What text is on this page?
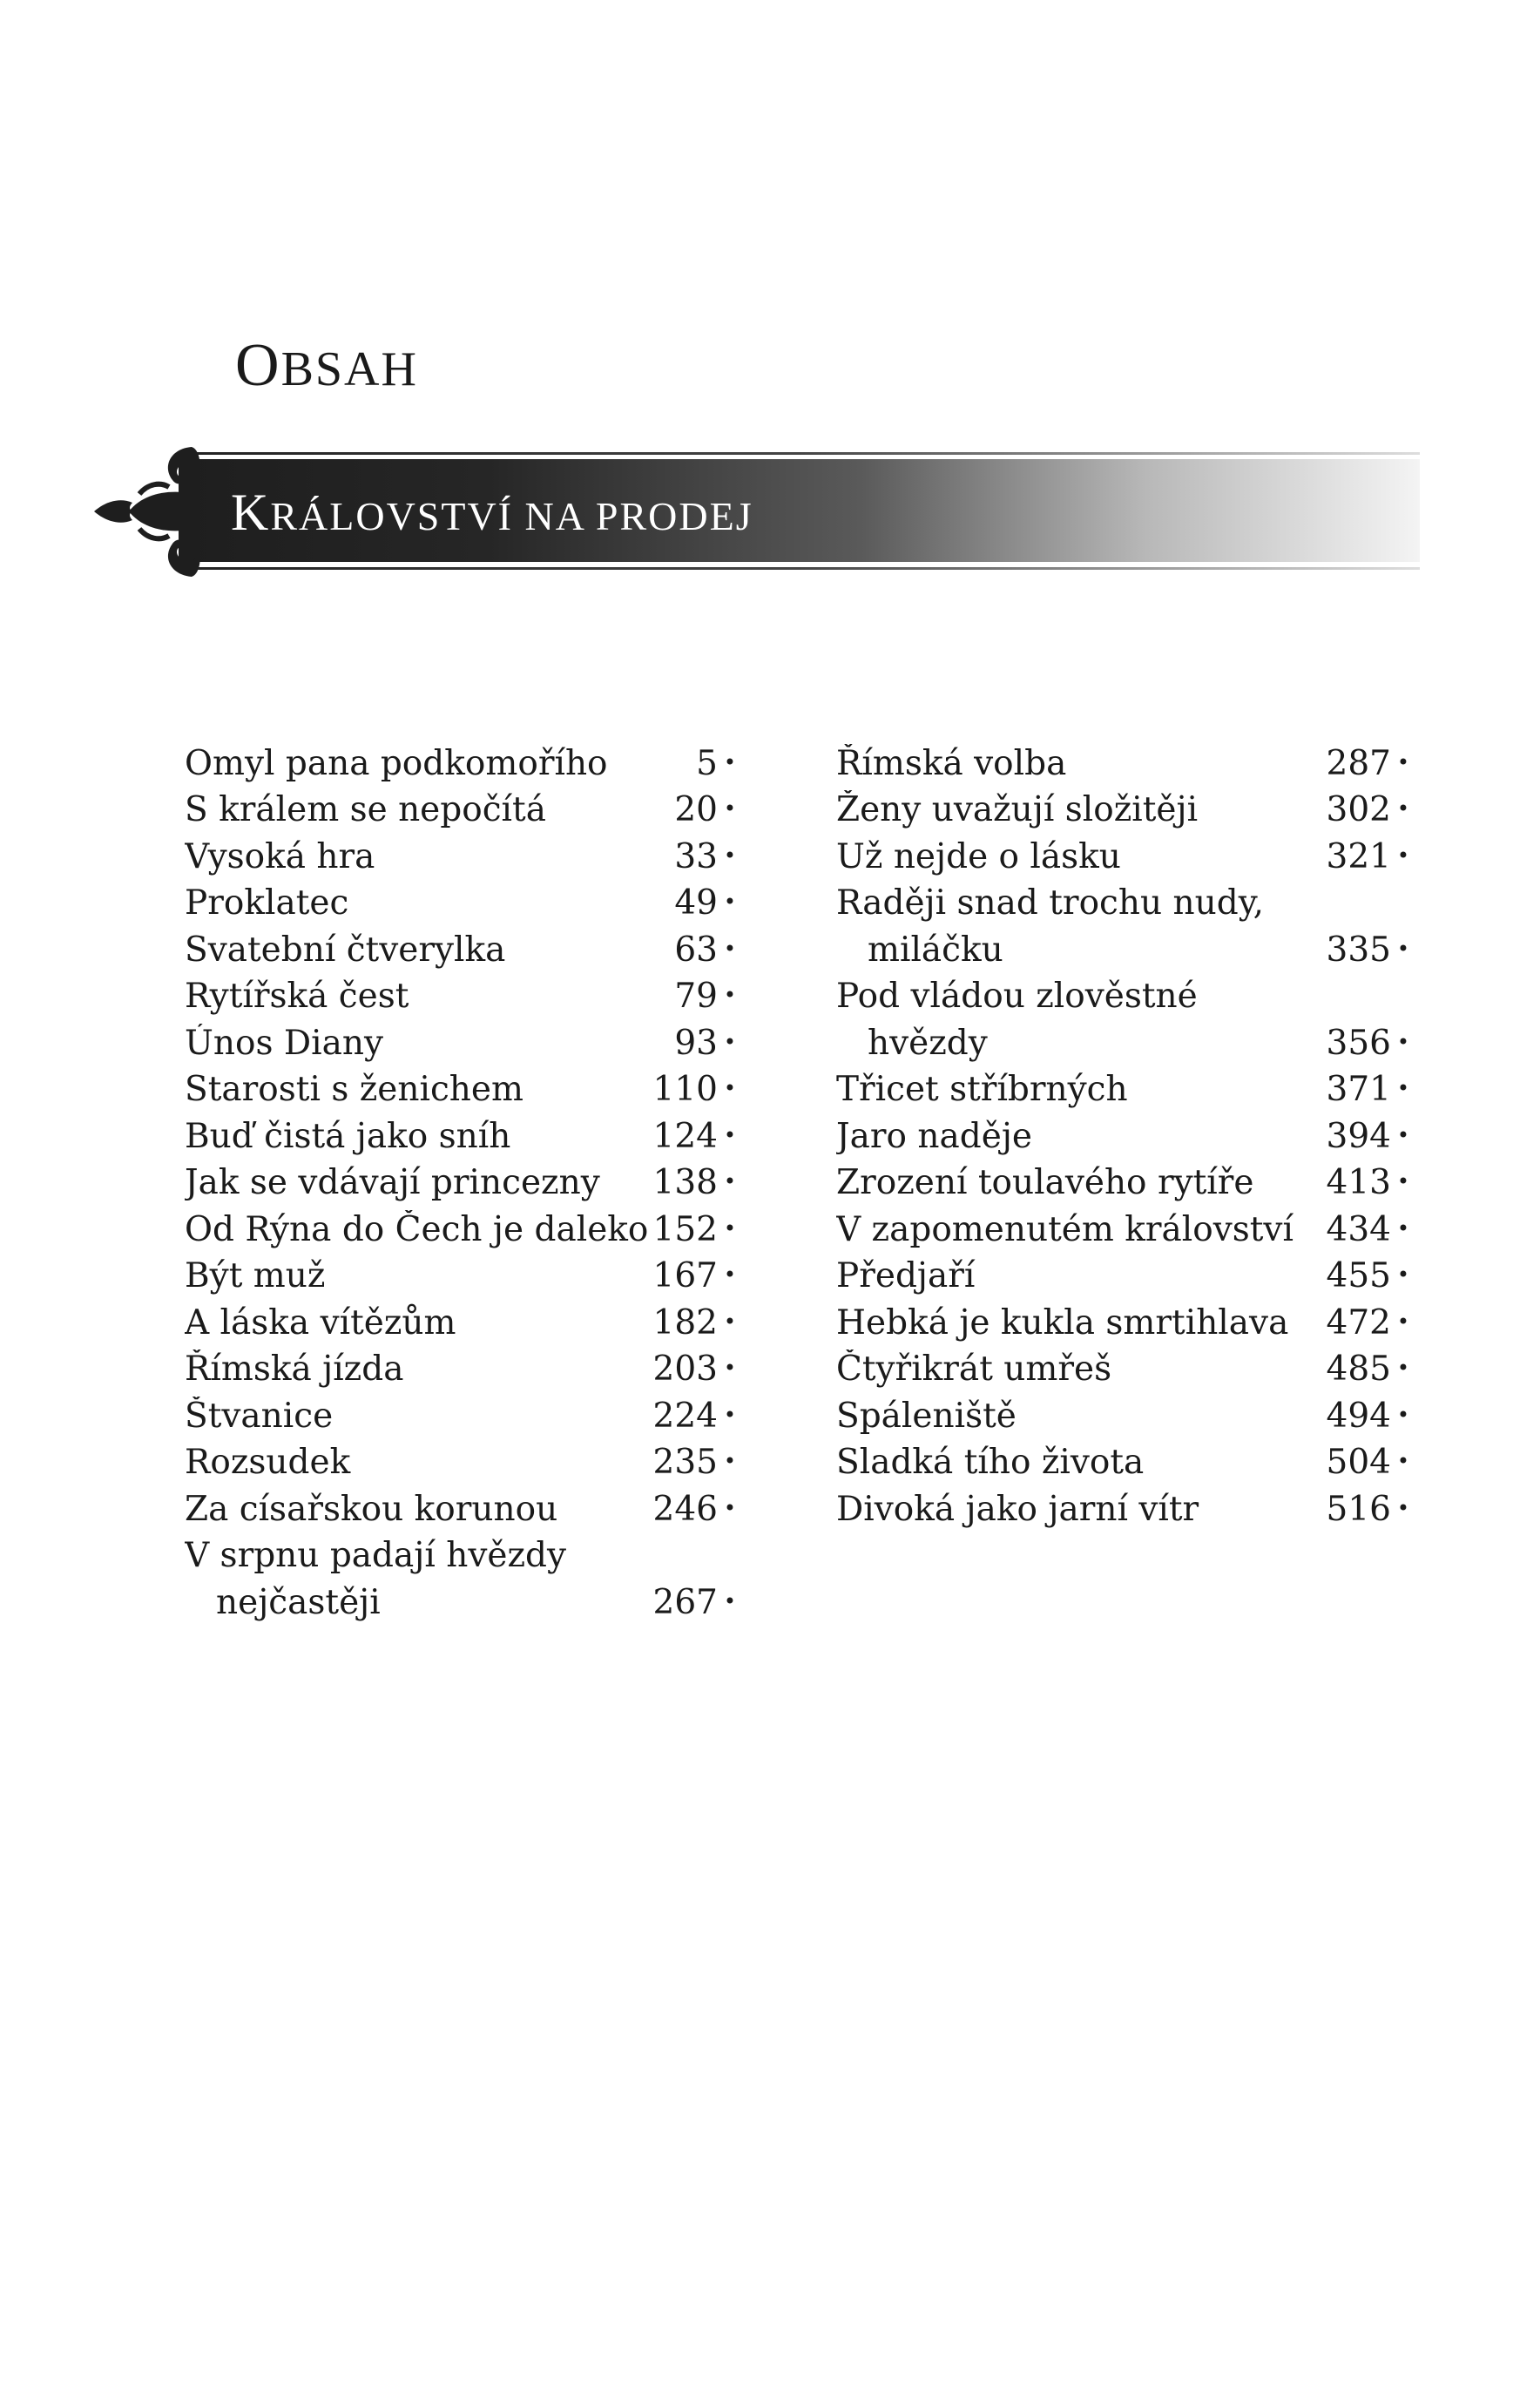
OBSAH
KRÁLOVSTVÍ NA PRODEJ
Omyl pana podkomořího	5 •
S králem se nepočítá	20 •
Vysoká hra	33 •
Proklatec	49 •
Svatební čtverylka	63 •
Rytířská čest	79 •
Únos Diany	93 •
Starosti s ženichem	110 •
Buď čistá jako sníh	124 •
Jak se vdávají princezny	138 •
Od Rýna do Čech je daleko 152 •
Být muž	167 •
A láska vítězům	182 •
Římská jízda	203 •
Štvanice	224 •
Rozsudek	235 •
Za císařskou korunou	246 •
V srpnu padají hvězdy
nejčastěji	267 •
Římská volba	287 •
Ženy uvažují složitěji	302 •
Už nejde o lásku	321 •
Raději snad trochu nudy,
miláčku	335 •
Pod vládou zlověstné
hvězdy	356 •
Třicet stříbrných	371 •
Jaro naděje	394 •
Zrození toulavého rytíře	413 •
V zapomenutém království 434 •
Předjaří	455 •
Hebká je kukla smrtihlava	472 •
Čtyřikrát umřeš	485 •
Spáleniště	494 •
Sladká tího života	504 •
Divoká jako jarní vítr	516 •
